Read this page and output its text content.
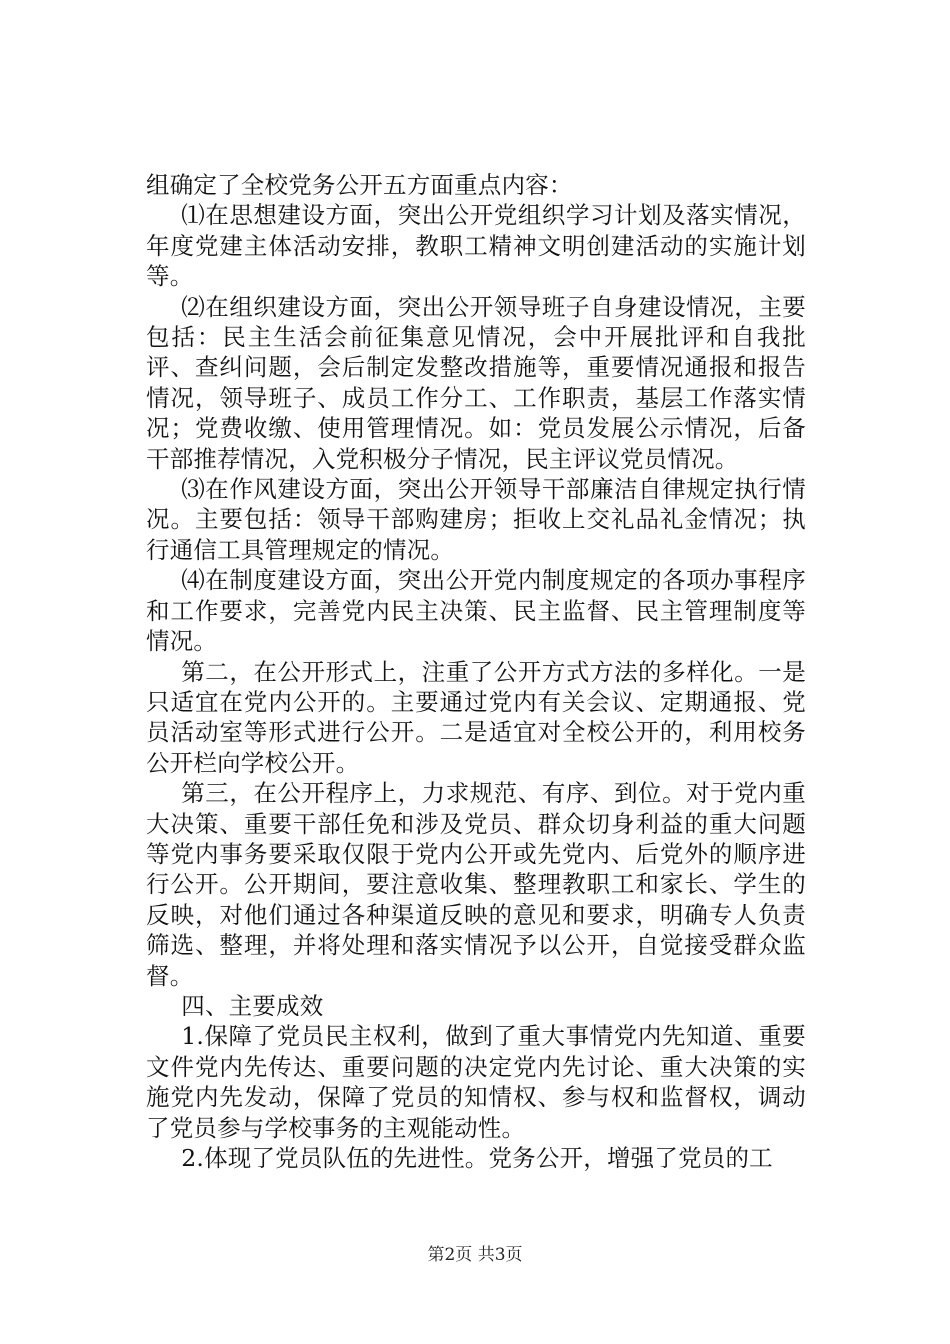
组确定了全校党务公开五方面重点内容：

⑴在思想建设方面，突出公开党组织学习计划及落实情况，年度党建主体活动安排，教职工精神文明创建活动的实施计划等。

⑵在组织建设方面，突出公开领导班子自身建设情况，主要包括：民主生活会前征集意见情况，会中开展批评和自我批评、查纠问题，会后制定发整改措施等，重要情况通报和报告情况，领导班子、成员工作分工、工作职责，基层工作落实情况；党费收缴、使用管理情况。如：党员发展公示情况，后备干部推荐情况，入党积极分子情况，民主评议党员情况。

⑶在作风建设方面，突出公开领导干部廉洁自律规定执行情况。主要包括：领导干部购建房；拒收上交礼品礼金情况；执行通信工具管理规定的情况。

⑷在制度建设方面，突出公开党内制度规定的各项办事程序和工作要求，完善党内民主决策、民主监督、民主管理制度等情况。

第二，在公开形式上，注重了公开方式方法的多样化。一是只适宜在党内公开的。主要通过党内有关会议、定期通报、党员活动室等形式进行公开。二是适宜对全校公开的，利用校务公开栏向学校公开。

第三，在公开程序上，力求规范、有序、到位。对于党内重大决策、重要干部任免和涉及党员、群众切身利益的重大问题等党内事务要采取仅限于党内公开或先党内、后党外的顺序进行公开。公开期间，要注意收集、整理教职工和家长、学生的反映，对他们通过各种渠道反映的意见和要求，明确专人负责筛选、整理，并将处理和落实情况予以公开，自觉接受群众监督。

四、主要成效

1.保障了党员民主权利，做到了重大事情党内先知道、重要文件党内先传达、重要问题的决定党内先讨论、重大决策的实施党内先发动，保障了党员的知情权、参与权和监督权，调动了党员参与学校事务的主观能动性。

2.体现了党员队伍的先进性。党务公开，增强了党员的工

第2页 共3页
